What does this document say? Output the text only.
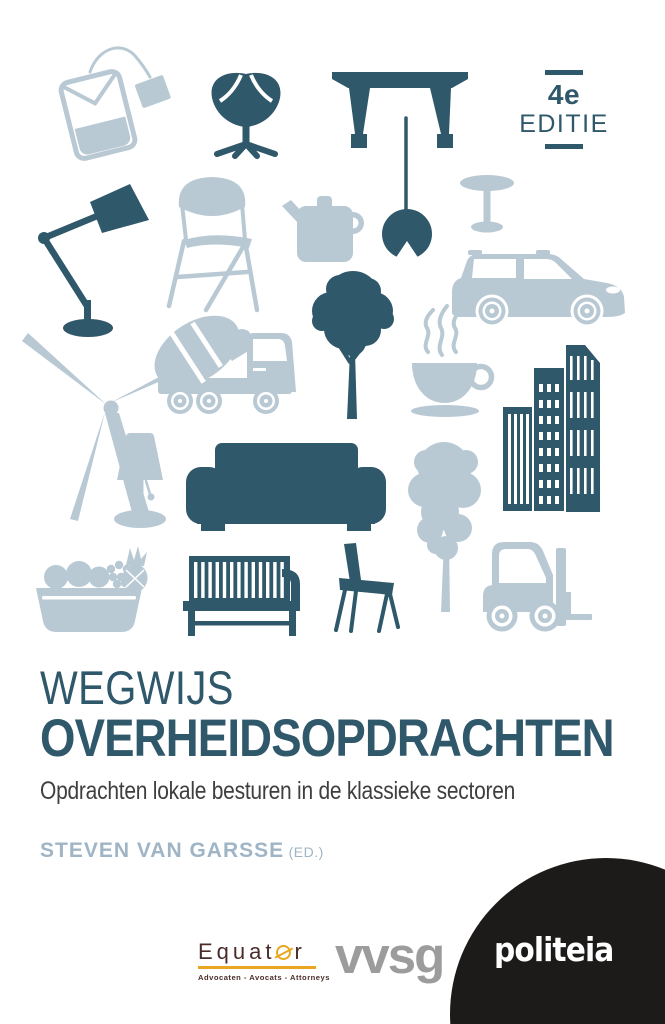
4e
EDITIE
WEGWIJS
OVERHEIDSOPDRACHTEN
Opdrachten lokale besturen in de klassieke sectoren
STEVEN VAN GARSSE (ED.)
Equat r
Advocaten - Avocats - Attorneys vvsg politeia
